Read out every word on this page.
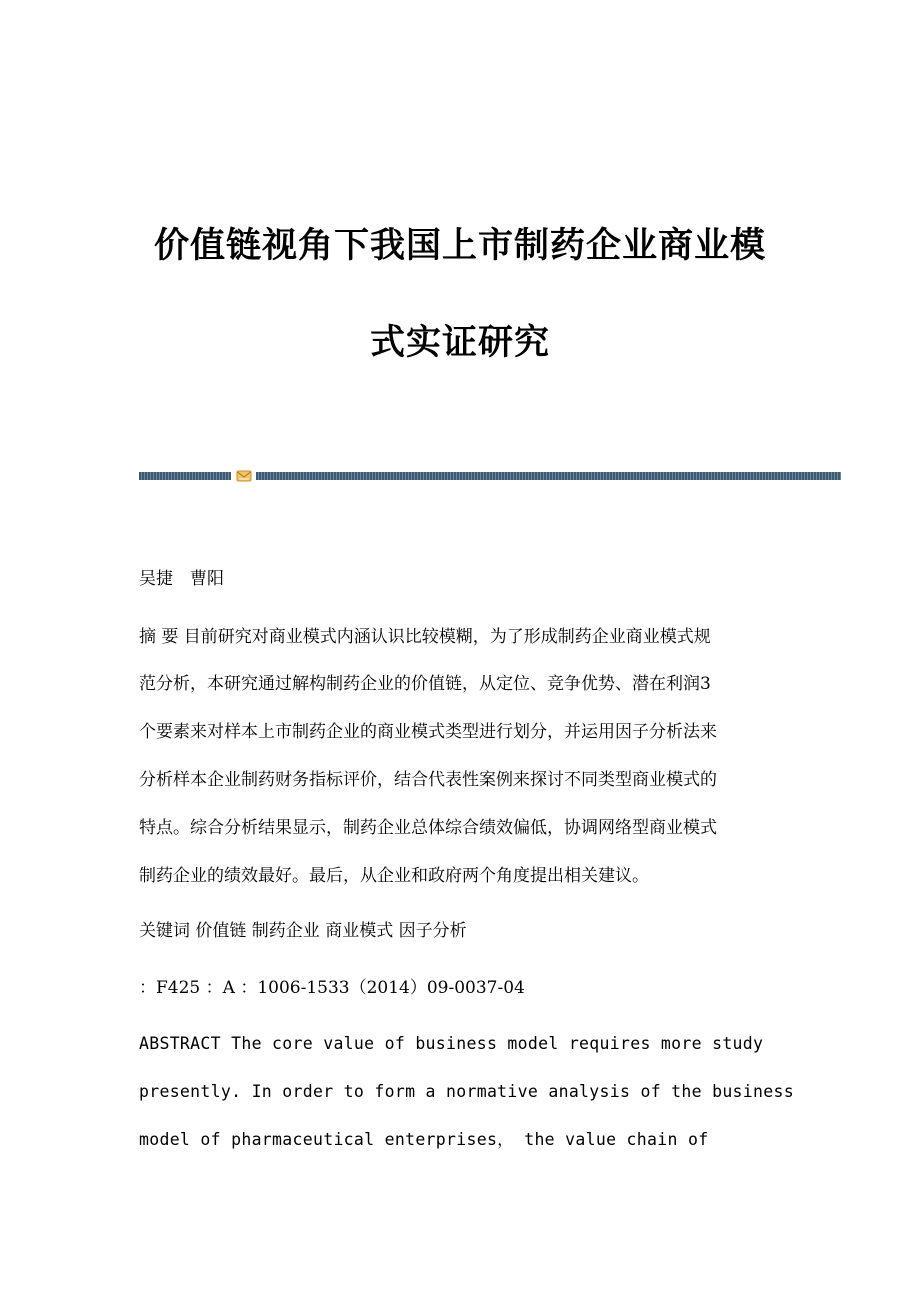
价值链视角下我国上市制药企业商业模
式实证研究
吴捷　曹阳
摘 要 目前研究对商业模式内涵认识比较模糊，为了形成制药企业商业模式规
范分析，本研究通过解构制药企业的价值链，从定位、竞争优势、潜在利润3
个要素来对样本上市制药企业的商业模式类型进行划分，并运用因子分析法来
分析样本企业制药财务指标评价，结合代表性案例来探讨不同类型商业模式的
特点。综合分析结果显示，制药企业总体综合绩效偏低，协调网络型商业模式
制药企业的绩效最好。最后，从企业和政府两个角度提出相关建议。
关键词 价值链 制药企业 商业模式 因子分析
：F425 ：A ：1006-1533（2014）09-0037-04
ABSTRACT The core value of business model requires more study
presently. In order to form a normative analysis of the business
model of pharmaceutical enterprises， the value chain of
